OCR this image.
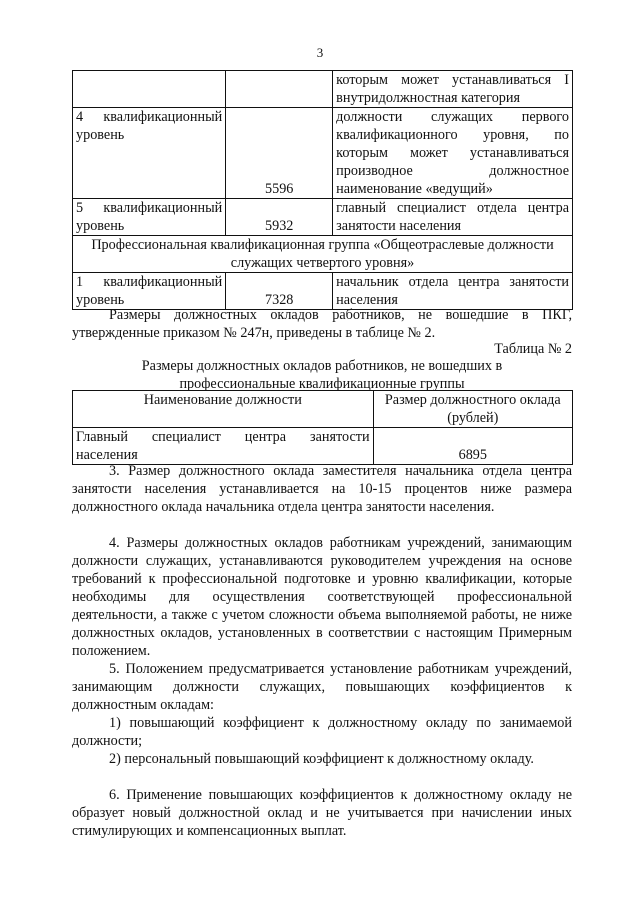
3
		которым может устанавливаться I внутридолжностная категория
4 квалификационный уровень	5596	должности служащих первого квалификационного уровня, по которым может устанавливаться производное должностное наименование «ведущий»
5 квалификационный уровень	5932	главный специалист отдела центра занятости населения
Профессиональная квалификационная группа «Общеотраслевые должности служащих четвертого уровня»		
1 квалификационный уровень	7328	начальник отдела центра занятости населения
Размеры должностных окладов работников, не вошедшие в ПКГ, утвержденные приказом № 247н, приведены в таблице № 2.
Таблица № 2
Размеры должностных окладов работников, не вошедших в профессиональные квалификационные группы
Наименование должности	Размер должностного оклада (рублей)
Главный специалист центра занятости населения	6895
3. Размер должностного оклада заместителя начальника отдела центра занятости населения устанавливается на 10-15 процентов ниже размера должностного оклада начальника отдела центра занятости населения.
4. Размеры должностных окладов работникам учреждений, занимающим должности служащих, устанавливаются руководителем учреждения на основе требований к профессиональной подготовке и уровню квалификации, которые необходимы для осуществления соответствующей профессиональной деятельности, а также с учетом сложности объема выполняемой работы, не ниже должностных окладов, установленных в соответствии с настоящим Примерным положением.
5. Положением предусматривается установление работникам учреждений, занимающим должности служащих, повышающих коэффициентов к должностным окладам:
1) повышающий коэффициент к должностному окладу по занимаемой должности;
2) персональный повышающий коэффициент к должностному окладу.
6. Применение повышающих коэффициентов к должностному окладу не образует новый должностной оклад и не учитывается при начислении иных стимулирующих и компенсационных выплат.
